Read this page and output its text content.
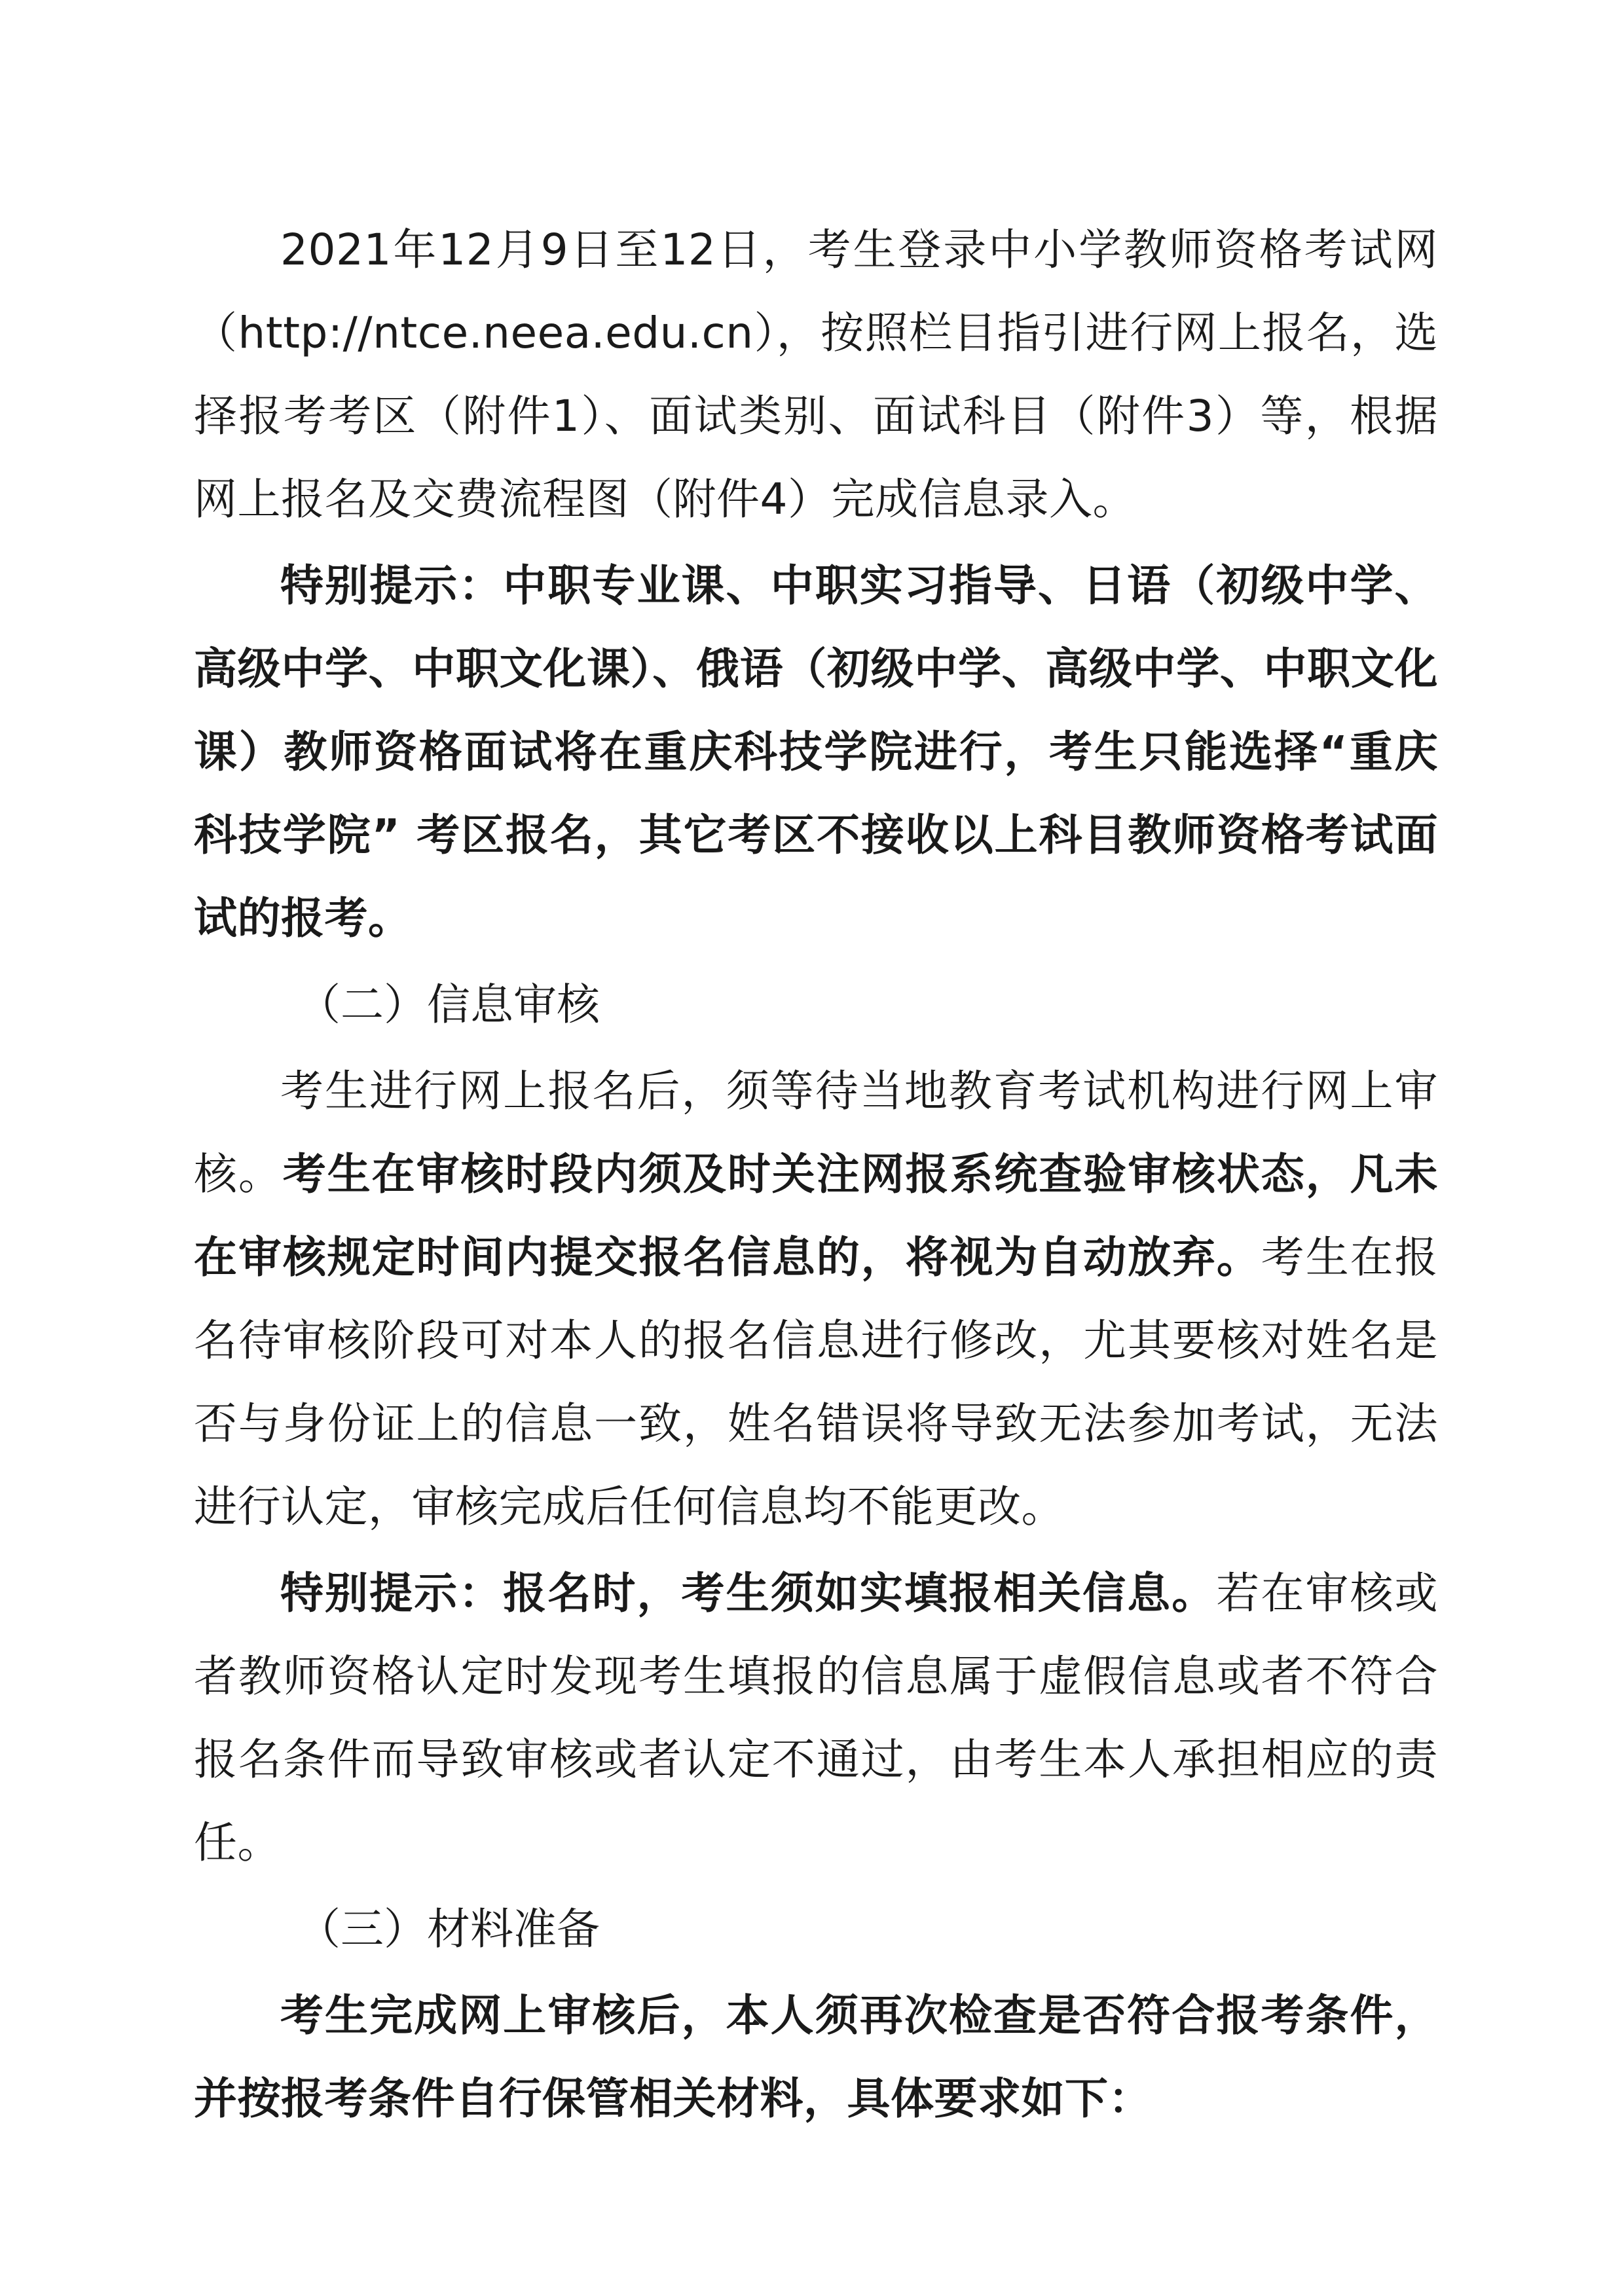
2021年12月9日至12日，考生登录中小学教师资格考试网（http://ntce.neea.edu.cn），按照栏目指引进行网上报名，选择报考考区（附件1）、面试类别、面试科目（附件3）等，根据网上报名及交费流程图（附件4）完成信息录入。

特别提示：中职专业课、中职实习指导、日语（初级中学、高级中学、中职文化课）、俄语（初级中学、高级中学、中职文化课）教师资格面试将在重庆科技学院进行，考生只能选择“重庆科技学院” 考区报名，其它考区不接收以上科目教师资格考试面试的报考。

（二）信息审核

考生进行网上报名后，须等待当地教育考试机构进行网上审核。考生在审核时段内须及时关注网报系统查验审核状态，凡未在审核规定时间内提交报名信息的，将视为自动放弃。考生在报名待审核阶段可对本人的报名信息进行修改，尤其要核对姓名是否与身份证上的信息一致，姓名错误将导致无法参加考试，无法进行认定，审核完成后任何信息均不能更改。

特别提示：报名时，考生须如实填报相关信息。若在审核或者教师资格认定时发现考生填报的信息属于虚假信息或者不符合报名条件而导致审核或者认定不通过，由考生本人承担相应的责任。

（三）材料准备

考生完成网上审核后，本人须再次检查是否符合报考条件，并按报考条件自行保管相关材料，具体要求如下：
